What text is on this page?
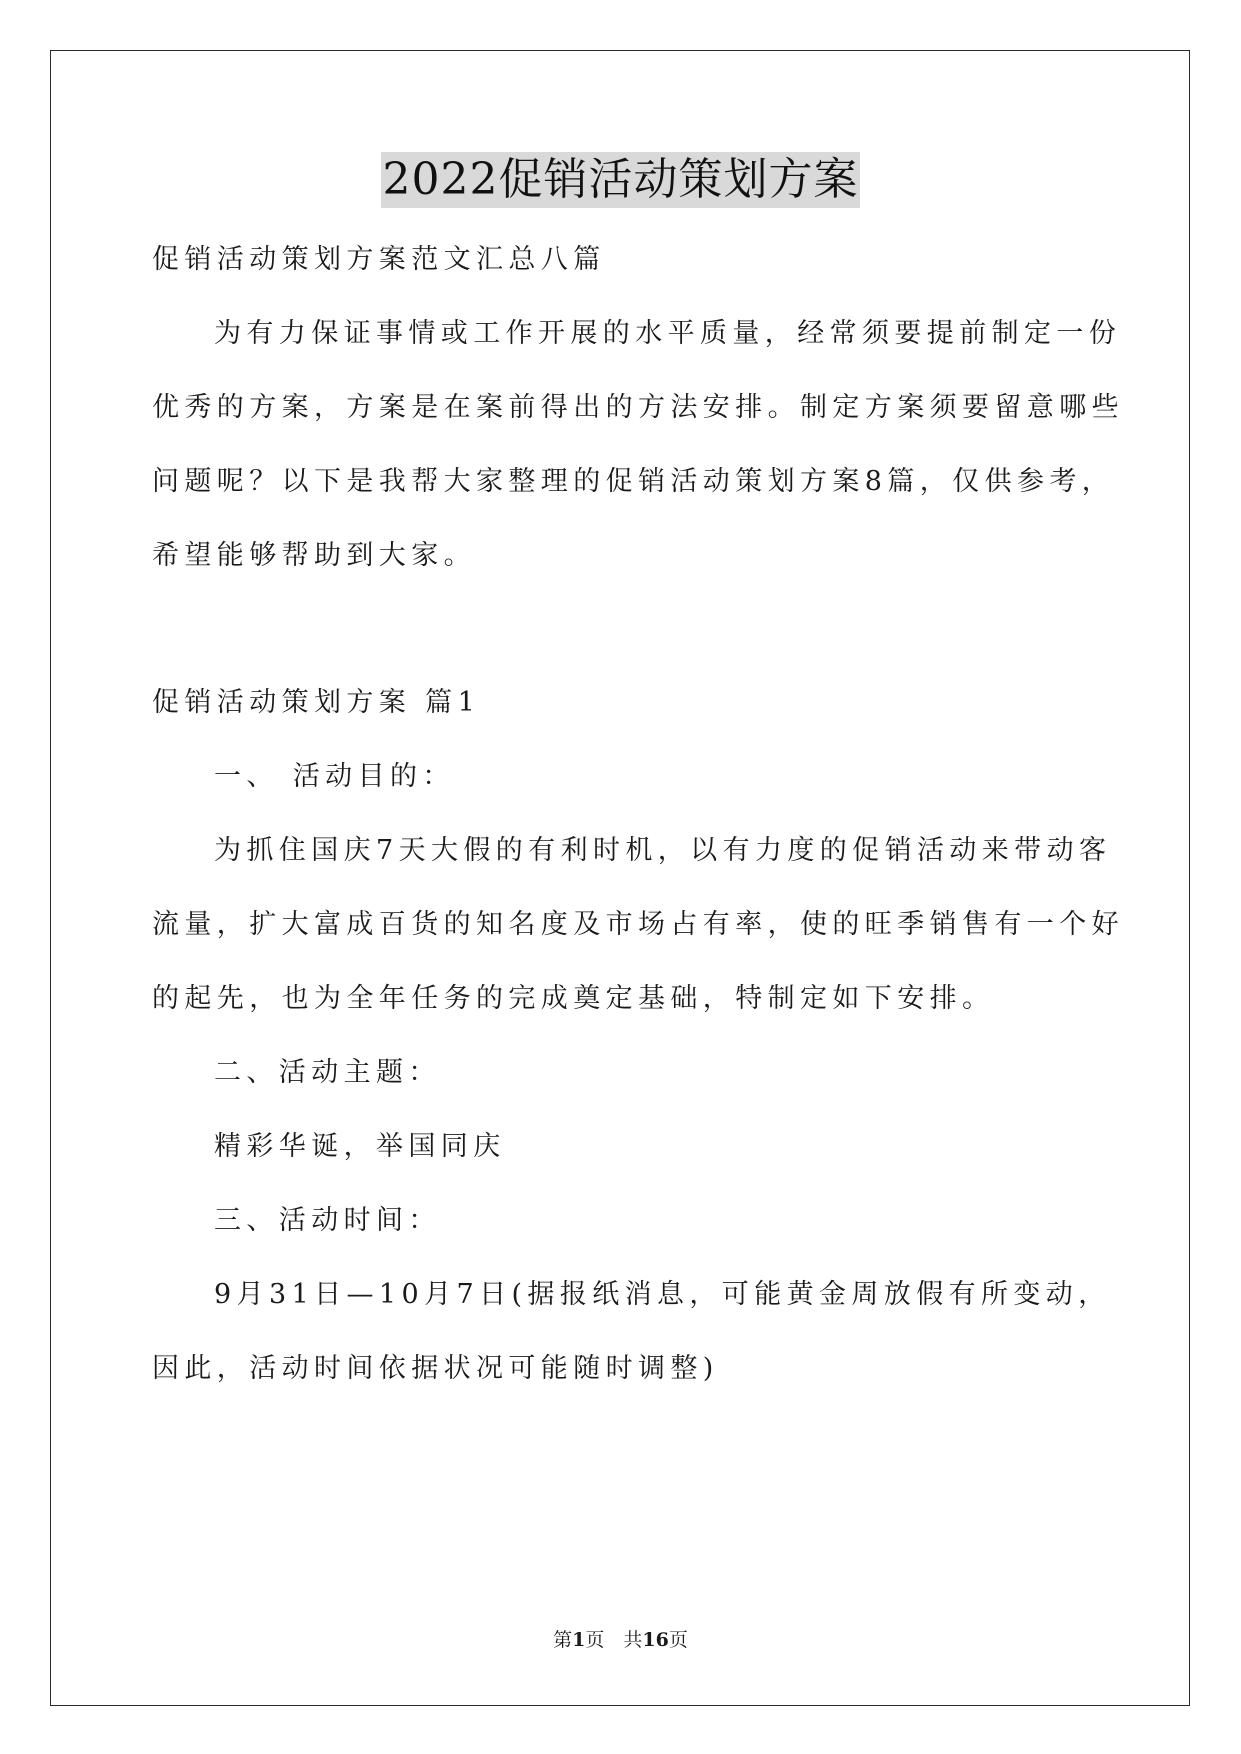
2022促销活动策划方案
促销活动策划方案范文汇总八篇
为有力保证事情或工作开展的水平质量，经常须要提前制定一份
优秀的方案，方案是在案前得出的方法安排。制定方案须要留意哪些
问题呢？以下是我帮大家整理的促销活动策划方案8篇，仅供参考，
希望能够帮助到大家。
促销活动策划方案 篇1
一、 活动目的：
为抓住国庆7天大假的有利时机，以有力度的促销活动来带动客
流量，扩大富成百货的知名度及市场占有率，使的旺季销售有一个好
的起先，也为全年任务的完成奠定基础，特制定如下安排。
二、活动主题：
精彩华诞，举国同庆
三、活动时间：
9月31日—10月7日(据报纸消息，可能黄金周放假有所变动，
因此，活动时间依据状况可能随时调整)
第1页　共16页
